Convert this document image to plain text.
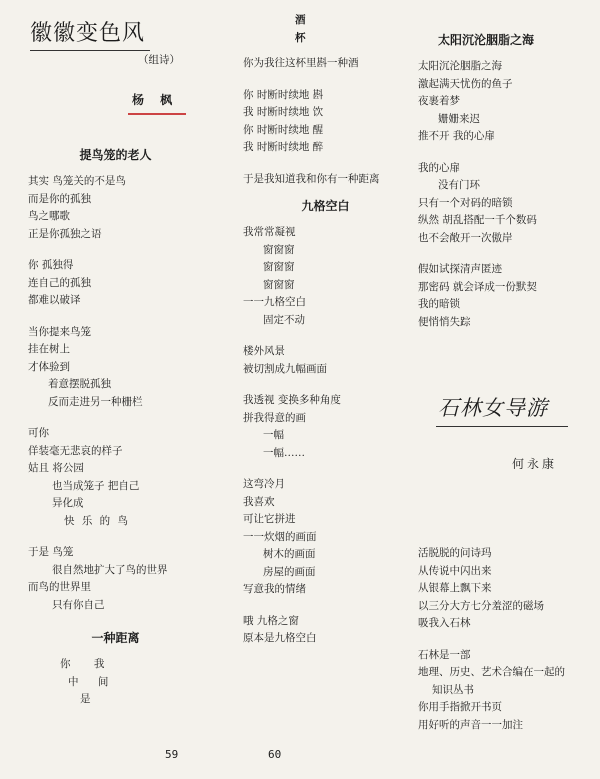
徽徽变色风
（组诗）
杨 枫
提鸟笼的老人
其实 鸟笼关的不是鸟
而是你的孤独
鸟之哪歌
正是你孤独之语
你 孤独得
连自己的孤独
都难以破译
当你提来鸟笼
挂在树上
才体验到
着意摆脱孤独
反而走进另一种栅栏
可你
佯装毫无悲哀的样子
姑且 将公园
也当成笼子 把自己
异化成
快 乐 的 鸟
于是 鸟笼
很自然地扩大了鸟的世界
而鸟的世界里
只有你自己
一种距离
你 我
中 间
是
59
酒
杯
你为我往这杯里斟一种酒
你 时断时续地 斟
我 时断时续地 饮
你 时断时续地 醒
我 时断时续地 醉
于是我知道我和你有一种距离
九格空白
我常常凝视
窗窗窗
窗窗窗
窗窗窗
一一九格空白
固定不动
楼外风景
被切割成九幅画面
我透视 变换多种角度
拼我得意的画
一幅
一幅……
这弯冷月
我喜欢
可让它拼进
一一炊烟的画面
树木的画面
房屋的画面
写意我的情绪
哦 九格之窗
原本是九格空白
60
太阳沉沦胭脂之海
太阳沉沦胭脂之海
激起满天忧伤的鱼子
夜裹着梦
姗姗来迟
推不开 我的心扉
我的心扉
没有门环
只有一个对码的暗锁
纵然 胡乱搭配一千个数码
也不会敞开一次傲岸
假如试探清声匿迹
那密码 就会译成一份默契
我的暗锁
便悄悄失踪
石林女导游
何永康
活脱脱的问诗玛
从传说中闪出来
从银幕上飘下来
以三分大方七分羞涩的磁场
吸我入石林
石林是一部
地理、历史、艺术合编在一起的
知识丛书
你用手指掀开书页
用好听的声音一一加注
